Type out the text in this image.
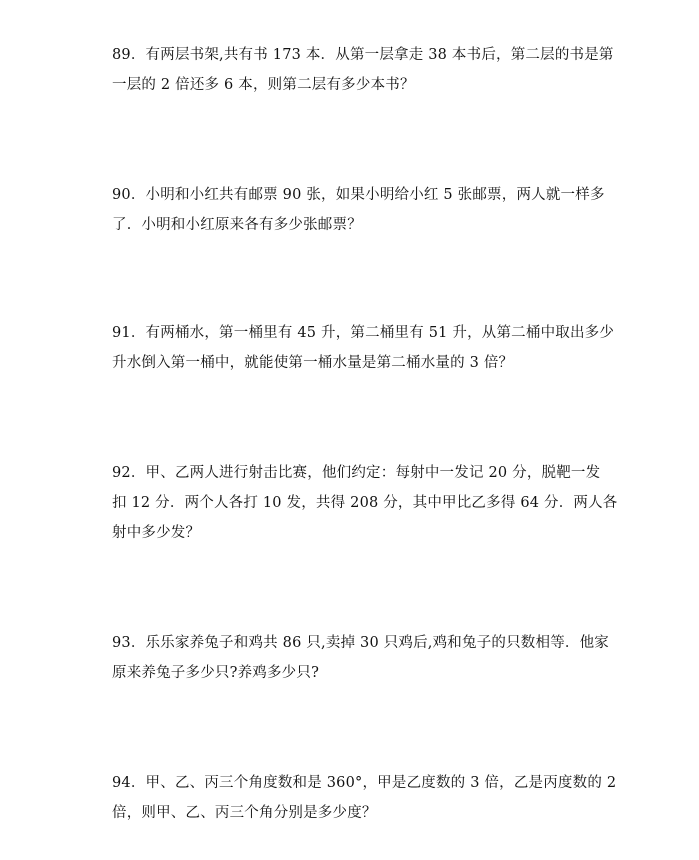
89．有两层书架,共有书 173 本．从第一层拿走 38 本书后，第二层的书是第
一层的 2 倍还多 6 本，则第二层有多少本书？
90．小明和小红共有邮票 90 张，如果小明给小红 5 张邮票，两人就一样多
了．小明和小红原来各有多少张邮票？
91．有两桶水，第一桶里有 45 升，第二桶里有 51 升，从第二桶中取出多少
升水倒入第一桶中，就能使第一桶水量是第二桶水量的 3 倍？
92．甲、乙两人进行射击比赛，他们约定：每射中一发记 20 分，脱靶一发
扣 12 分．两个人各打 10 发，共得 208 分，其中甲比乙多得 64 分．两人各
射中多少发？
93．乐乐家养兔子和鸡共 86 只,卖掉 30 只鸡后,鸡和兔子的只数相等．他家
原来养兔子多少只?养鸡多少只?
94．甲、乙、丙三个角度数和是 360°，甲是乙度数的 3 倍，乙是丙度数的 2
倍，则甲、乙、丙三个角分别是多少度？
